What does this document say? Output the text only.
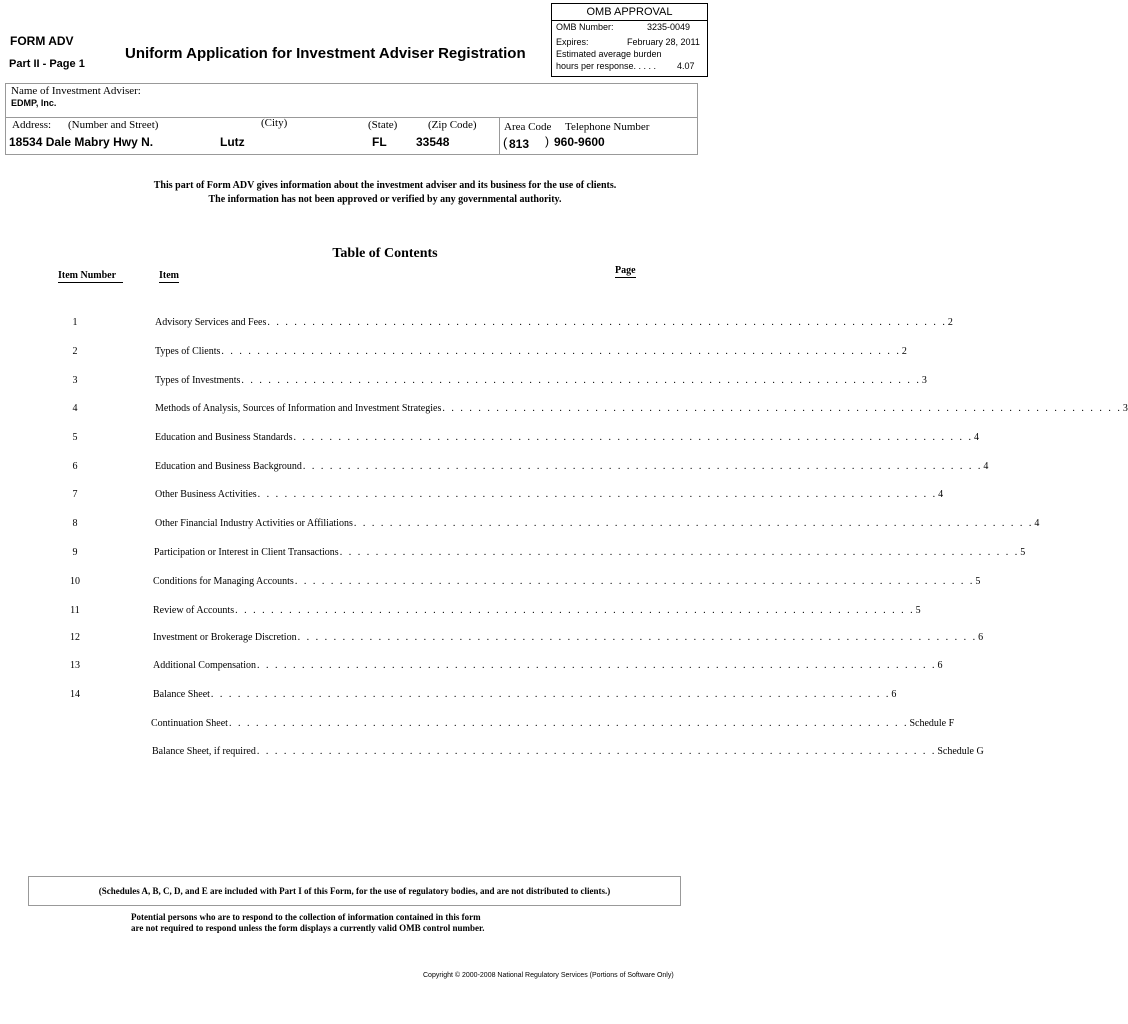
OMB APPROVAL
OMB Number:	3235-0049
Expires:	February 28, 2011
Estimated average burden
hours per response. . . . . 4.07
FORM ADV
Part II - Page 1
Uniform Application for Investment Adviser Registration
Name of Investment Adviser:
EDMP, Inc.
Address: (Number and Street)	(City)	(State)	(Zip Code) Area Code Telephone Number
18534 Dale Mabry Hwy N.	Lutz	FL 33548	( 813 ) 960-9600
This part of Form ADV gives information about the investment adviser and its business for the use of clients.
The information has not been approved or verified by any governmental authority.
Table of Contents
Item Number	Item	Page
1	Advisory Services and Fees . . . . . . . . . . . . . . . . . . . . . . . . . . . . . . . . . . . . . . . . . . . . . . . . . . . . . . . . . . . . . . . . . . . . . . . . . . . . 2
2	Types of Clients . . . . . . . . . . . . . . . . . . . . . . . . . . . . . . . . . . . . . . . . . . . . . . . . . . . . . . . . . . . . . . . . . . . . . . . . . . . . 2
3	Types of Investments . . . . . . . . . . . . . . . . . . . . . . . . . . . . . . . . . . . . . . . . . . . . . . . . . . . . . . . . . . . . . . . . . . . . . . . . . . . . 3
4	Methods of Analysis, Sources of Information and Investment Strategies . . . . . . . . . . . . . . . . . . . . . . . . . . . . . . . . . . . . . . . . . . . . . . . . . . . . . . . . . . . . . . . . . . . . . . . . . . . . 3
5	Education and Business Standards . . . . . . . . . . . . . . . . . . . . . . . . . . . . . . . . . . . . . . . . . . . . . . . . . . . . . . . . . . . . . . . . . . . . . . . . . . . . 4
6	Education and Business Background . . . . . . . . . . . . . . . . . . . . . . . . . . . . . . . . . . . . . . . . . . . . . . . . . . . . . . . . . . . . . . . . . . . . . . . . . . . . 4
7	Other Business Activities . . . . . . . . . . . . . . . . . . . . . . . . . . . . . . . . . . . . . . . . . . . . . . . . . . . . . . . . . . . . . . . . . . . . . . . . . . . . 4
8	Other Financial Industry Activities or Affiliations . . . . . . . . . . . . . . . . . . . . . . . . . . . . . . . . . . . . . . . . . . . . . . . . . . . . . . . . . . . . . . . . . . . . . . . . . . . . 4
9	Participation or Interest in Client Transactions . . . . . . . . . . . . . . . . . . . . . . . . . . . . . . . . . . . . . . . . . . . . . . . . . . . . . . . . . . . . . . . . . . . . . . . . . . . . 5
10	Conditions for Managing Accounts . . . . . . . . . . . . . . . . . . . . . . . . . . . . . . . . . . . . . . . . . . . . . . . . . . . . . . . . . . . . . . . . . . . . . . . . . . . . 5
11	Review of Accounts . . . . . . . . . . . . . . . . . . . . . . . . . . . . . . . . . . . . . . . . . . . . . . . . . . . . . . . . . . . . . . . . . . . . . . . . . . . . 5
12	Investment or Brokerage Discretion . . . . . . . . . . . . . . . . . . . . . . . . . . . . . . . . . . . . . . . . . . . . . . . . . . . . . . . . . . . . . . . . . . . . . . . . . . . . 6
13	Additional Compensation . . . . . . . . . . . . . . . . . . . . . . . . . . . . . . . . . . . . . . . . . . . . . . . . . . . . . . . . . . . . . . . . . . . . . . . . . . . . 6
14	Balance Sheet . . . . . . . . . . . . . . . . . . . . . . . . . . . . . . . . . . . . . . . . . . . . . . . . . . . . . . . . . . . . . . . . . . . . . . . . . . . . 6
Continuation Sheet . . . . . . . . . . . . . . . . . . . . . . . . . . . . . . . . . . . . . . . . . . . . . . . . . . . . . . . . . . . . . . . . . . . . . . . . . . . . Schedule F
Balance Sheet, if required . . . . . . . . . . . . . . . . . . . . . . . . . . . . . . . . . . . . . . . . . . . . . . . . . . . . . . . . . . . . . . . . . . . . . . . . . . . . Schedule G
(Schedules A, B, C, D, and E are included with Part I of this Form, for the use of regulatory bodies, and are not distributed to clients.)
Potential persons who are to respond to the collection of information contained in this form
are not required to respond unless the form displays a currently valid OMB control number.
Copyright © 2000-2008 National Regulatory Services (Portions of Software Only)
